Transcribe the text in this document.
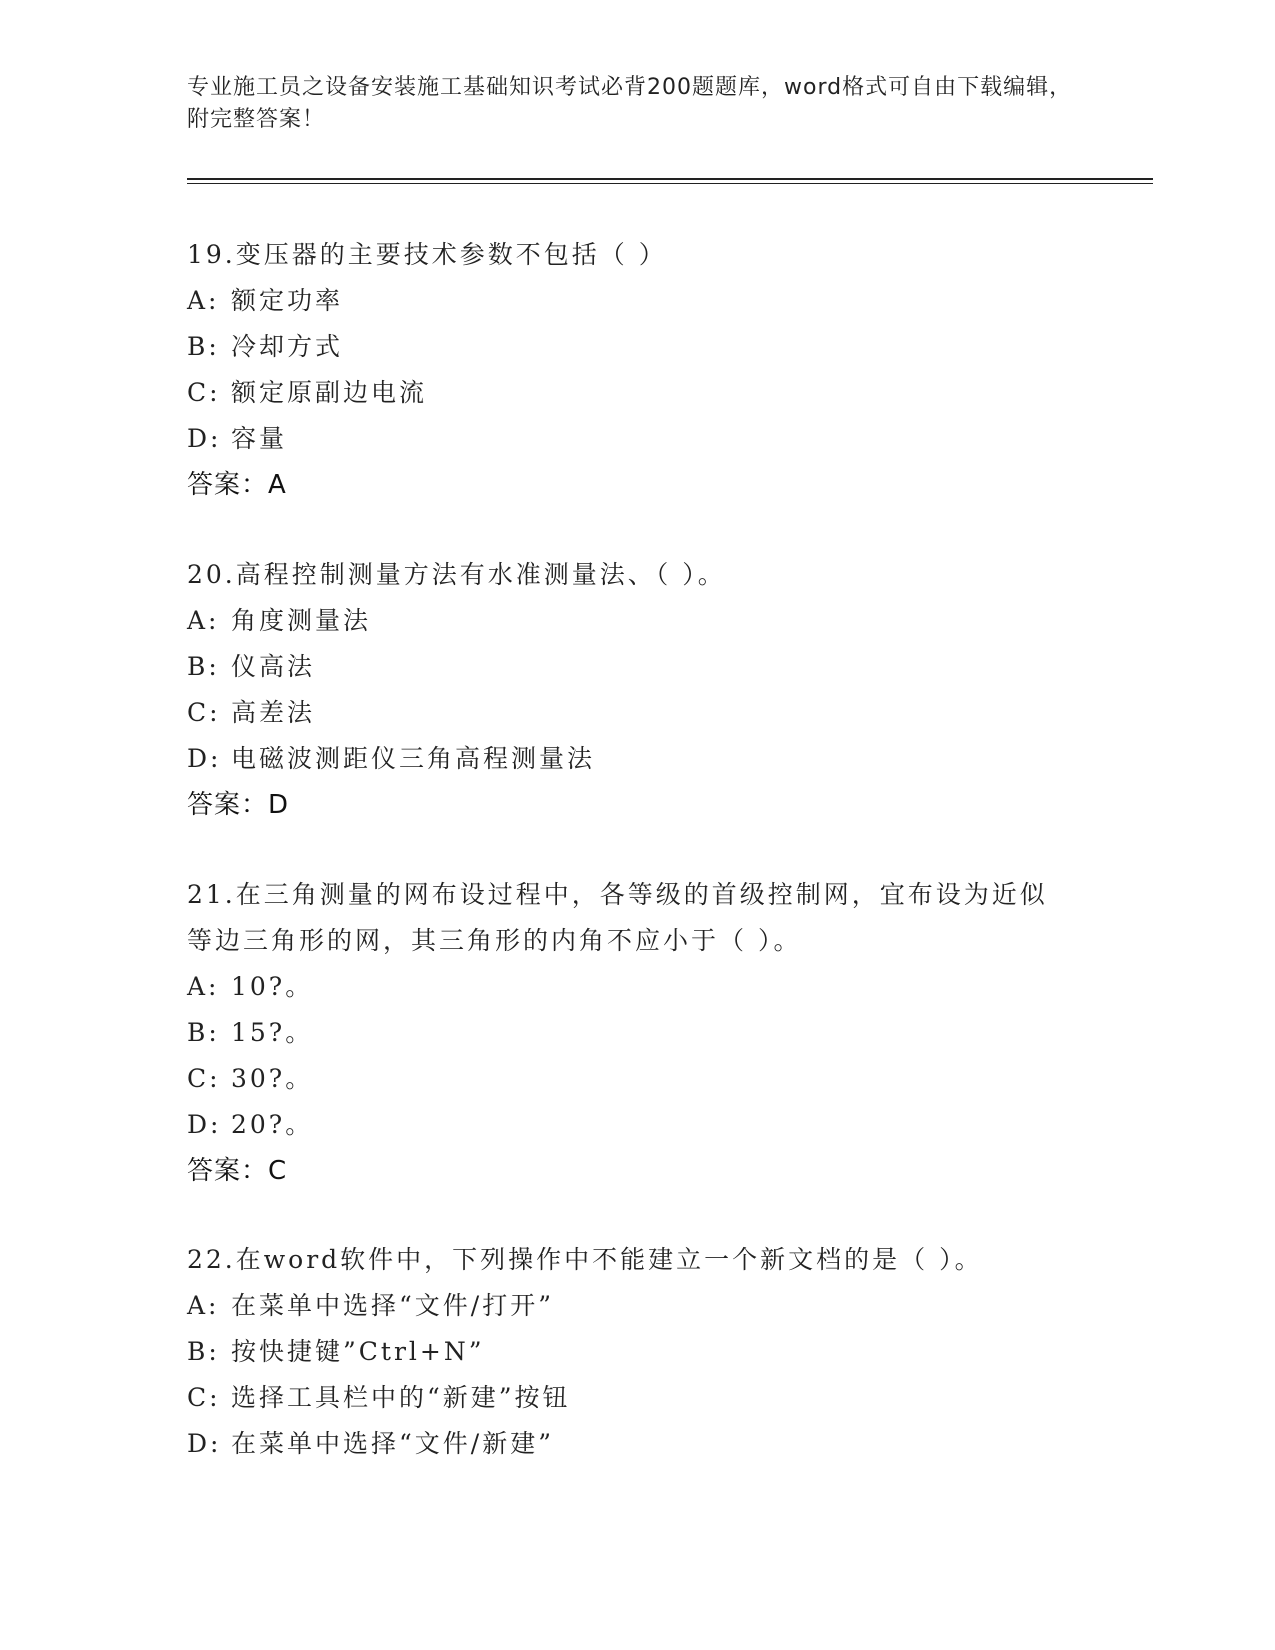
专业施工员之设备安装施工基础知识考试必背200题题库，word格式可自由下载编辑，附完整答案！
19.变压器的主要技术参数不包括（ ）
A: 额定功率
B: 冷却方式
C: 额定原副边电流
D: 容量
答案：A
20.高程控制测量方法有水准测量法、（ ）。
A: 角度测量法
B: 仪高法
C: 高差法
D: 电磁波测距仪三角高程测量法
答案：D
21.在三角测量的网布设过程中，各等级的首级控制网，宜布设为近似
等边三角形的网，其三角形的内角不应小于（ ）。
A: 10?。
B: 15?。
C: 30?。
D: 20?。
答案：C
22.在word软件中，下列操作中不能建立一个新文档的是（ ）。
A: 在菜单中选择“文件/打开”
B: 按快捷键”Ctrl+N”
C: 选择工具栏中的“新建”按钮
D: 在菜单中选择“文件/新建”
